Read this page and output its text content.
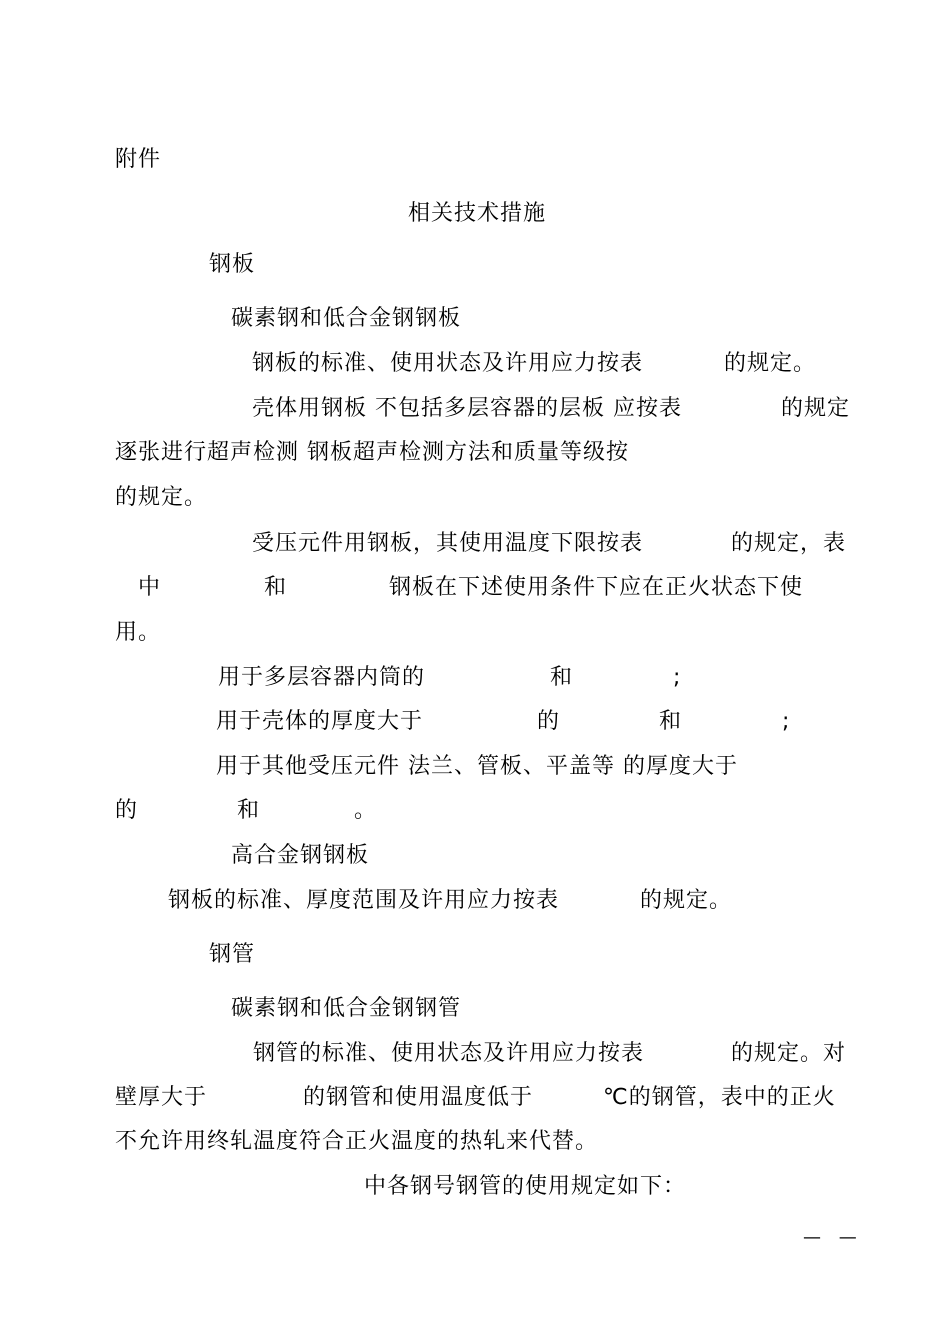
附件
相关技术措施
钢板
碳素钢和低合金钢钢板
钢板的标准、使用状态及许用应力按表	的规定。
壳体用钢板 不包括多层容器的层板 应按表	的规定
逐张进行超声检测 钢板超声检测方法和质量等级按
的规定。
受压元件用钢板，其使用温度下限按表	的规定，表
中	和	钢板在下述使用条件下应在正火状态下使
用。
用于多层容器内筒的	和	;
用于壳体的厚度大于	的	和	;
用于其他受压元件 法兰、管板、平盖等 的厚度大于
的	和	。
高合金钢钢板
钢板的标准、厚度范围及许用应力按表	的规定。
钢管
碳素钢和低合金钢钢管
钢管的标准、使用状态及许用应力按表	的规定。对
壁厚大于	的钢管和使用温度低于	℃的钢管，表中的正火
不允许用终轧温度符合正火温度的热轧来代替。
中各钢号钢管的使用规定如下：
— —
